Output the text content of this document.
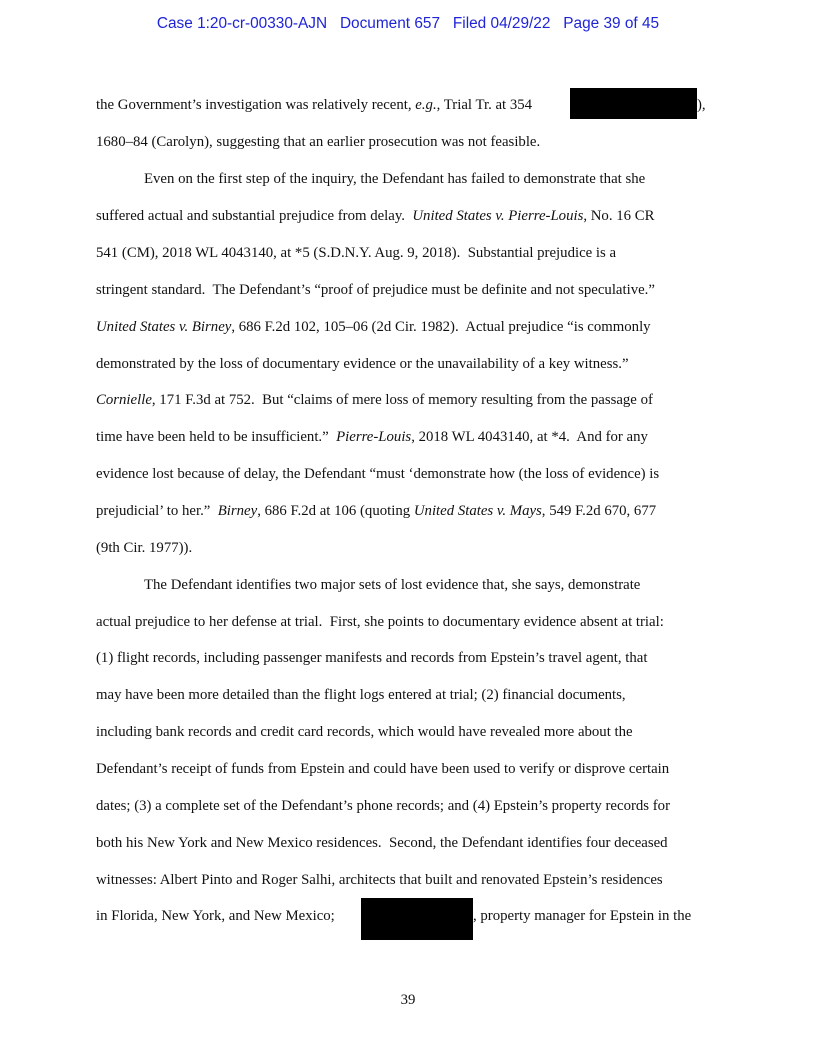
Case 1:20-cr-00330-AJN Document 657 Filed 04/29/22 Page 39 of 45
the Government’s investigation was relatively recent, e.g., Trial Tr. at 354	),
1680–84 (Carolyn), suggesting that an earlier prosecution was not feasible.
Even on the first step of the inquiry, the Defendant has failed to demonstrate that she
suffered actual and substantial prejudice from delay.  United States v. Pierre-Louis, No. 16 CR
541 (CM), 2018 WL 4043140, at *5 (S.D.N.Y. Aug. 9, 2018).  Substantial prejudice is a
stringent standard.  The Defendant’s “proof of prejudice must be definite and not speculative.”
United States v. Birney, 686 F.2d 102, 105–06 (2d Cir. 1982).  Actual prejudice “is commonly
demonstrated by the loss of documentary evidence or the unavailability of a key witness.”
Cornielle, 171 F.3d at 752.  But “claims of mere loss of memory resulting from the passage of
time have been held to be insufficient.”  Pierre-Louis, 2018 WL 4043140, at *4.  And for any
evidence lost because of delay, the Defendant “must ‘demonstrate how (the loss of evidence) is
prejudicial’ to her.”  Birney, 686 F.2d at 106 (quoting United States v. Mays, 549 F.2d 670, 677
(9th Cir. 1977)).
The Defendant identifies two major sets of lost evidence that, she says, demonstrate
actual prejudice to her defense at trial.  First, she points to documentary evidence absent at trial:
(1) flight records, including passenger manifests and records from Epstein’s travel agent, that
may have been more detailed than the flight logs entered at trial; (2) financial documents,
including bank records and credit card records, which would have revealed more about the
Defendant’s receipt of funds from Epstein and could have been used to verify or disprove certain
dates; (3) a complete set of the Defendant’s phone records; and (4) Epstein’s property records for
both his New York and New Mexico residences.  Second, the Defendant identifies four deceased
witnesses: Albert Pinto and Roger Salhi, architects that built and renovated Epstein’s residences
in Florida, New York, and New Mexico;	, property manager for Epstein in the
39
